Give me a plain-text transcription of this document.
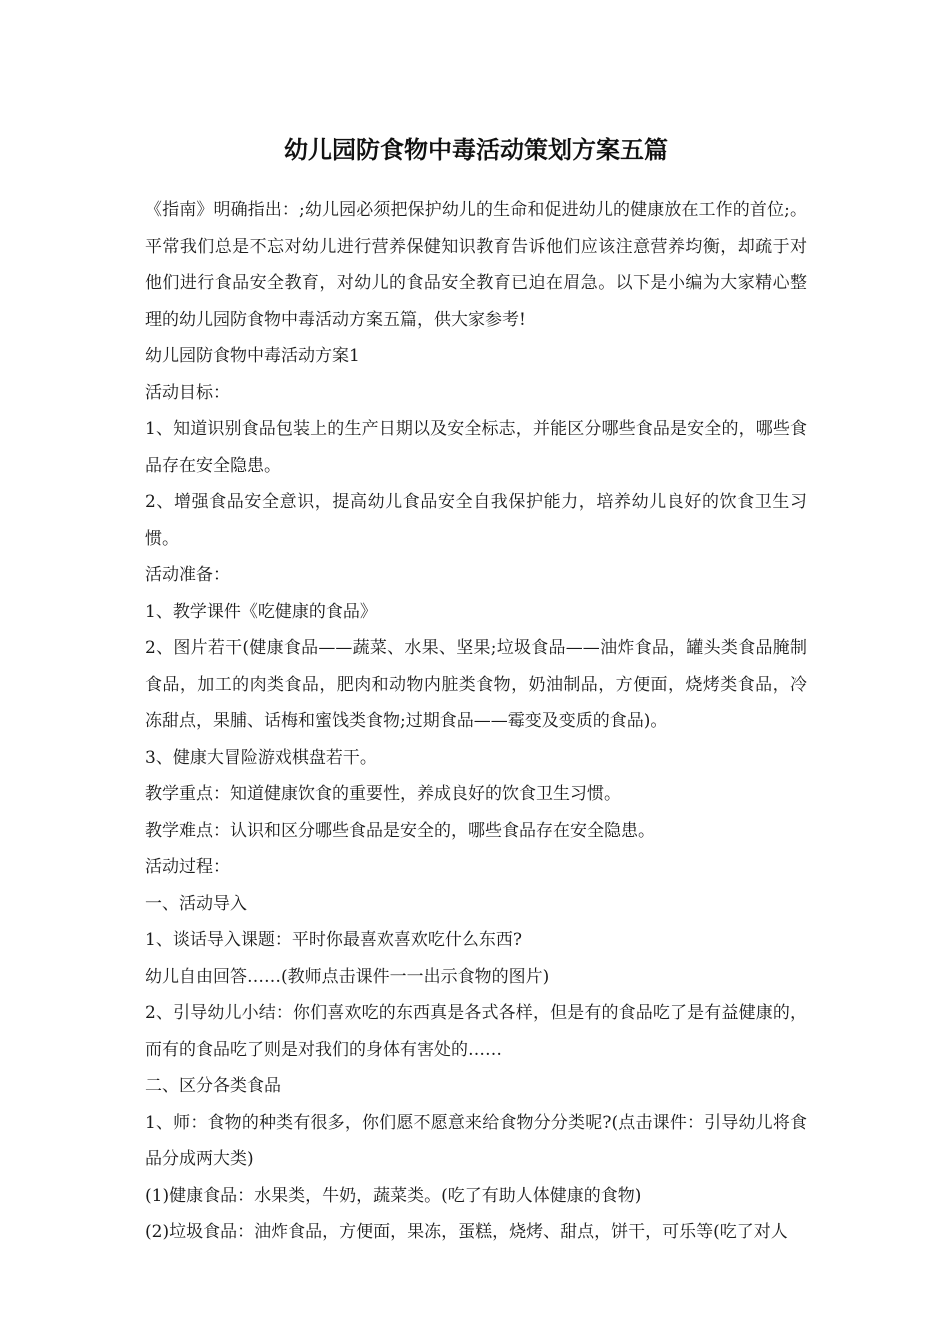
幼儿园防食物中毒活动策划方案五篇

《指南》明确指出：;幼儿园必须把保护幼儿的生命和促进幼儿的健康放在工作的首位;。平常我们总是不忘对幼儿进行营养保健知识教育告诉他们应该注意营养均衡，却疏于对他们进行食品安全教育，对幼儿的食品安全教育已迫在眉急。以下是小编为大家精心整理的幼儿园防食物中毒活动方案五篇，供大家参考!

幼儿园防食物中毒活动方案1

活动目标：

1、知道识别食品包装上的生产日期以及安全标志，并能区分哪些食品是安全的，哪些食品存在安全隐患。

2、增强食品安全意识，提高幼儿食品安全自我保护能力，培养幼儿良好的饮食卫生习惯。

活动准备：

1、教学课件《吃健康的食品》

2、图片若干(健康食品——蔬菜、水果、坚果;垃圾食品——油炸食品，罐头类食品腌制食品，加工的肉类食品，肥肉和动物内脏类食物，奶油制品，方便面，烧烤类食品，冷冻甜点，果脯、话梅和蜜饯类食物;过期食品——霉变及变质的食品)。

3、健康大冒险游戏棋盘若干。

教学重点：知道健康饮食的重要性，养成良好的饮食卫生习惯。

教学难点：认识和区分哪些食品是安全的，哪些食品存在安全隐患。

活动过程：

一、活动导入

1、谈话导入课题：平时你最喜欢喜欢吃什么东西?

幼儿自由回答……(教师点击课件一一出示食物的图片)

2、引导幼儿小结：你们喜欢吃的东西真是各式各样，但是有的食品吃了是有益健康的，而有的食品吃了则是对我们的身体有害处的……

二、区分各类食品

1、师：食物的种类有很多，你们愿不愿意来给食物分分类呢?(点击课件：引导幼儿将食品分成两大类)

(1)健康食品：水果类，牛奶，蔬菜类。(吃了有助人体健康的食物)

(2)垃圾食品：油炸食品，方便面，果冻，蛋糕，烧烤、甜点，饼干，可乐等(吃了对人
